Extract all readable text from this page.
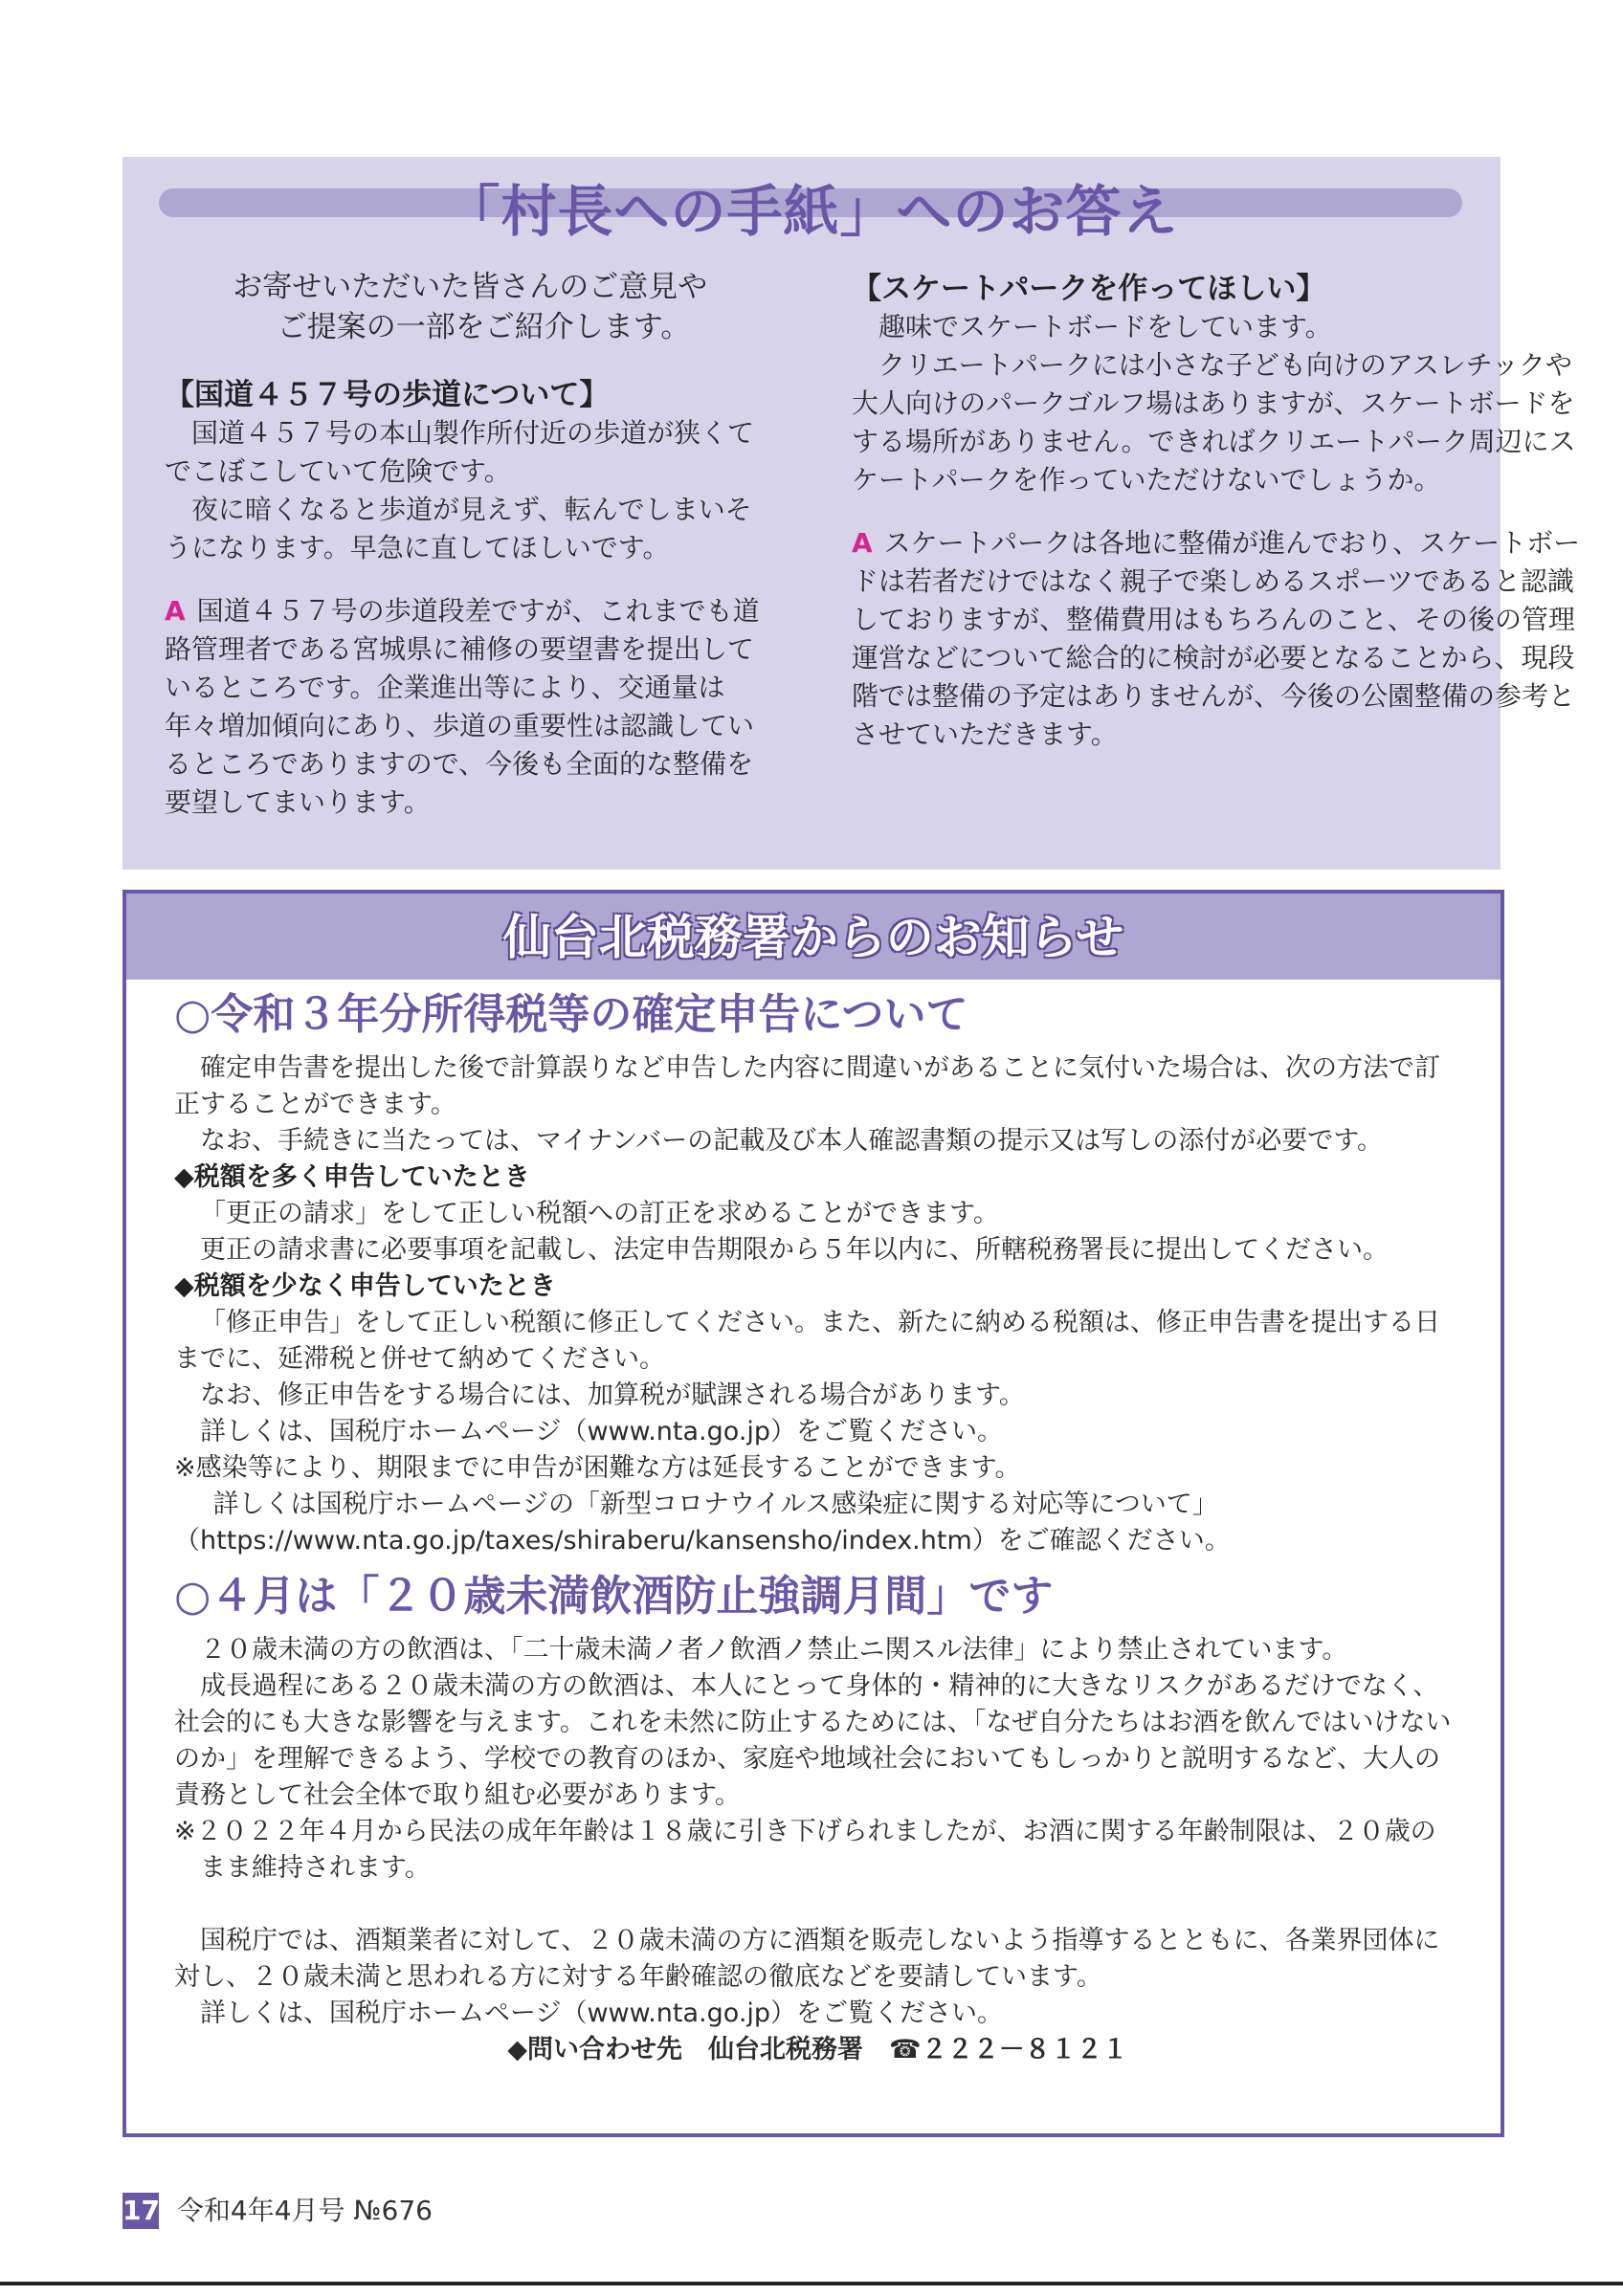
「村長への手紙」へのお答え

お寄せいただいた皆さんのご意見や

ご提案の一部をご紹介します。

【国道４５７号の歩道について】

国道４５７号の本山製作所付近の歩道が狭くてでこぼこしていて危険です。

夜に暗くなると歩道が見えず、転んでしまいそうになります。早急に直してほしいです。

A 国道４５７号の歩道段差ですが、これまでも道路管理者である宮城県に補修の要望書を提出しているところです。企業進出等により、交通量は年々増加傾向にあり、歩道の重要性は認識しているところでありますので、今後も全面的な整備を要望してまいります。

【スケートパークを作ってほしい】

趣味でスケートボードをしています。

クリエートパークには小さな子ども向けのアスレチックや大人向けのパークゴルフ場はありますが、スケートボードをする場所がありません。できればクリエートパーク周辺にスケートパークを作っていただけないでしょうか。

A スケートパークは各地に整備が進んでおり、スケートボードは若者だけではなく親子で楽しめるスポーツであると認識しておりますが、整備費用はもちろんのこと、その後の管理運営などについて総合的に検討が必要となることから、現段階では整備の予定はありませんが、今後の公園整備の参考とさせていただきます。

仙台北税務署からのお知らせ

○令和３年分所得税等の確定申告について

確定申告書を提出した後で計算誤りなど申告した内容に間違いがあることに気付いた場合は、次の方法で訂正することができます。

なお、手続きに当たっては、マイナンバーの記載及び本人確認書類の提示又は写しの添付が必要です。

◆税額を多く申告していたとき

「更正の請求」をして正しい税額への訂正を求めることができます。

更正の請求書に必要事項を記載し、法定申告期限から５年以内に、所轄税務署長に提出してください。

◆税額を少なく申告していたとき

「修正申告」をして正しい税額に修正してください。また、新たに納める税額は、修正申告書を提出する日までに、延滞税と併せて納めてください。

なお、修正申告をする場合には、加算税が賦課される場合があります。

詳しくは、国税庁ホームページ（www.nta.go.jp）をご覧ください。

※感染等により、期限までに申告が困難な方は延長することができます。

詳しくは国税庁ホームページの「新型コロナウイルス感染症に関する対応等について」

（https://www.nta.go.jp/taxes/shiraberu/kansensho/index.htm）をご確認ください。

○４月は「２０歳未満飲酒防止強調月間」です

２０歳未満の方の飲酒は、「二十歳未満ノ者ノ飲酒ノ禁止ニ関スル法律」により禁止されています。

成長過程にある２０歳未満の方の飲酒は、本人にとって身体的・精神的に大きなリスクがあるだけでなく、社会的にも大きな影響を与えます。これを未然に防止するためには、「なぜ自分たちはお酒を飲んではいけないのか」を理解できるよう、学校での教育のほか、家庭や地域社会においてもしっかりと説明するなど、大人の責務として社会全体で取り組む必要があります。

※２０２２年４月から民法の成年年齢は１８歳に引き下げられましたが、お酒に関する年齢制限は、２０歳のまま維持されます。

国税庁では、酒類業者に対して、２０歳未満の方に酒類を販売しないよう指導するとともに、各業界団体に対し、２０歳未満と思われる方に対する年齢確認の徹底などを要請しています。

詳しくは、国税庁ホームページ（www.nta.go.jp）をご覧ください。

◆問い合わせ先　仙台北税務署　☎２２２－８１２１

17 令和4年4月号 №676
